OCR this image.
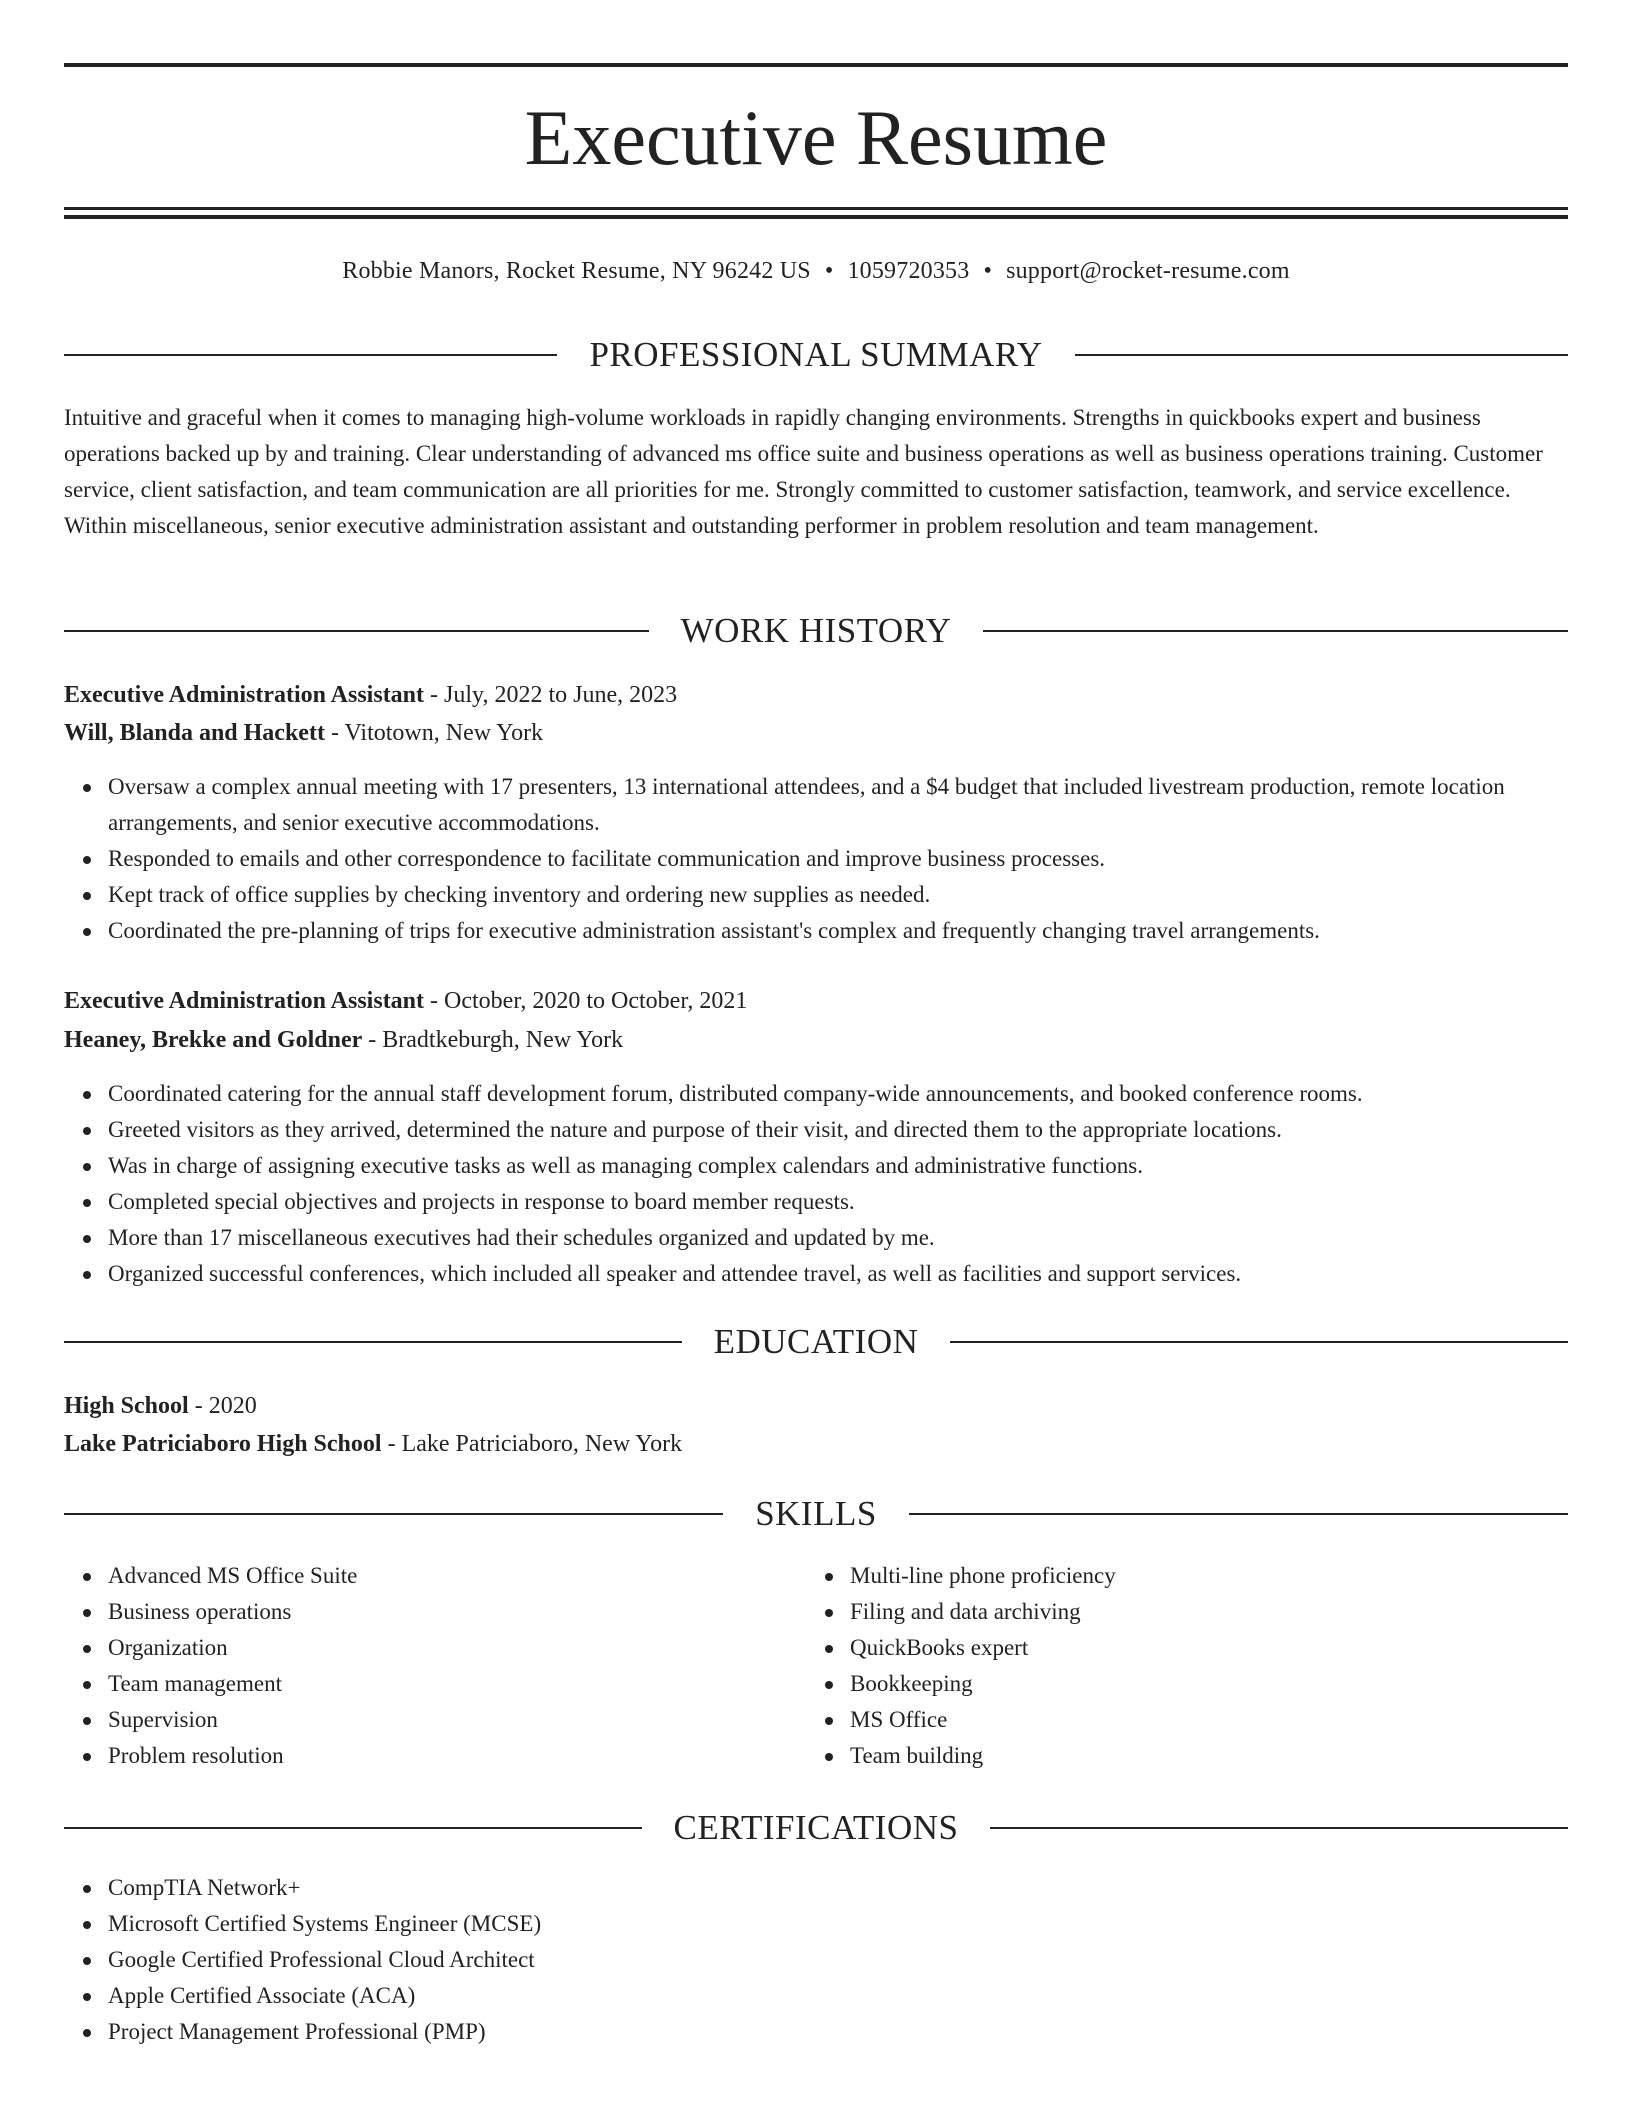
Executive Resume
Robbie Manors, Rocket Resume, NY 96242 US • 1059720353 • support@rocket-resume.com
PROFESSIONAL SUMMARY

Intuitive and graceful when it comes to managing high-volume workloads in rapidly changing environments. Strengths in quickbooks expert and business operations backed up by and training. Clear understanding of advanced ms office suite and business operations as well as business operations training. Customer service, client satisfaction, and team communication are all priorities for me. Strongly committed to customer satisfaction, teamwork, and service excellence. Within miscellaneous, senior executive administration assistant and outstanding performer in problem resolution and team management.

WORK HISTORY
Executive Administration Assistant - July, 2022 to June, 2023
Will, Blanda and Hackett - Vitotown, New York
Oversaw a complex annual meeting with 17 presenters, 13 international attendees, and a $4 budget that included livestream production, remote location arrangements, and senior executive accommodations.
Responded to emails and other correspondence to facilitate communication and improve business processes.
Kept track of office supplies by checking inventory and ordering new supplies as needed.
Coordinated the pre-planning of trips for executive administration assistant's complex and frequently changing travel arrangements.
Executive Administration Assistant - October, 2020 to October, 2021
Heaney, Brekke and Goldner - Bradtkeburgh, New York
Coordinated catering for the annual staff development forum, distributed company-wide announcements, and booked conference rooms.
Greeted visitors as they arrived, determined the nature and purpose of their visit, and directed them to the appropriate locations.
Was in charge of assigning executive tasks as well as managing complex calendars and administrative functions.
Completed special objectives and projects in response to board member requests.
More than 17 miscellaneous executives had their schedules organized and updated by me.
Organized successful conferences, which included all speaker and attendee travel, as well as facilities and support services.
EDUCATION
High School - 2020
Lake Patriciaboro High School - Lake Patriciaboro, New York
SKILLS
Advanced MS Office Suite
Business operations
Organization
Team management
Supervision
Problem resolution
Multi-line phone proficiency
Filing and data archiving
QuickBooks expert
Bookkeeping
MS Office
Team building
CERTIFICATIONS
CompTIA Network+
Microsoft Certified Systems Engineer (MCSE)
Google Certified Professional Cloud Architect
Apple Certified Associate (ACA)
Project Management Professional (PMP)
